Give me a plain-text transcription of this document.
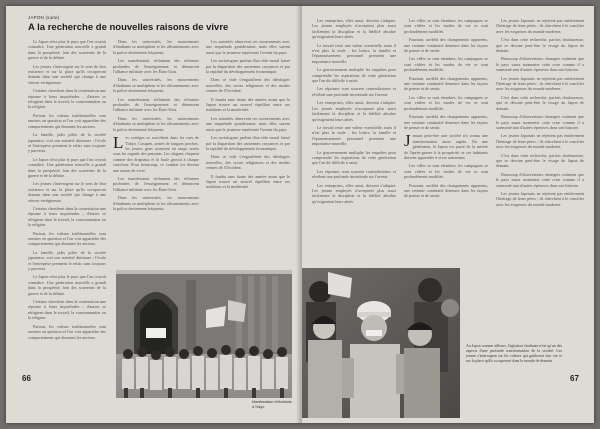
JAPON (suite)
A la recherche de nouvelles raisons de vivre

Le Japon n'est plus le pays que l'on croyait connaître. Une génération nouvelle a grandi dans la prospérité, loin des souvenirs de la guerre et de la défaite.

Les jeunes s'interrogent sur le sens de leur existence et sur la place qu'ils occuperont demain dans une société qui change à une vitesse vertigineuse.

Certains cherchent dans la contestation une réponse à leurs inquiétudes ; d'autres se réfugient dans le travail, la consommation ou la religion.

Partout, les valeurs traditionnelles sont remises en question et l'on voit apparaître des comportements qui étonnent les anciens.

La famille, jadis pilier de la société japonaise, voit son autorité diminuer ; l'école et l'entreprise prennent le relais sans toujours y parvenir.

Le Japon n'est plus le pays que l'on croyait connaître. Une génération nouvelle a grandi dans la prospérité, loin des souvenirs de la guerre et de la défaite.

Les jeunes s'interrogent sur le sens de leur existence et sur la place qu'ils occuperont demain dans une société qui change à une vitesse vertigineuse.

Certains cherchent dans la contestation une réponse à leurs inquiétudes ; d'autres se réfugient dans le travail, la consommation ou la religion.

Partout, les valeurs traditionnelles sont remises en question et l'on voit apparaître des comportements qui étonnent les anciens.

La famille, jadis pilier de la société japonaise, voit son autorité diminuer ; l'école et l'entreprise prennent le relais sans toujours y parvenir.

Le Japon n'est plus le pays que l'on croyait connaître. Une génération nouvelle a grandi dans la prospérité, loin des souvenirs de la guerre et de la défaite.

Certains cherchent dans la contestation une réponse à leurs inquiétudes ; d'autres se réfugient dans le travail, la consommation ou la religion.

Partout, les valeurs traditionnelles sont remises en question et l'on voit apparaître des comportements qui étonnent les anciens.

Dans les universités, les mouvements d'étudiants se multiplient et les affrontements avec la police deviennent fréquents.

Les manifestants réclament des réformes profondes de l'enseignement et dénoncent l'alliance militaire avec les États-Unis.

Dans les universités, les mouvements d'étudiants se multiplient et les affrontements avec la police deviennent fréquents.

Les manifestants réclament des réformes profondes de l'enseignement et dénoncent l'alliance militaire avec les États-Unis.

Dans les universités, les mouvements d'étudiants se multiplient et les affrontements avec la police deviennent fréquents.

Les cortèges se succèdent dans les rues de Tokyo. Casqués, armés de longues perches, les jeunes gens avancent en rangs serrés sous les regards des passants. Les slogans claquent comme des drapeaux et la foule grossit à chaque carrefour. Pour beaucoup, ce combat est devenu une raison de vivre.

Les manifestants réclament des réformes profondes de l'enseignement et dénoncent l'alliance militaire avec les États-Unis.

Dans les universités, les mouvements d'étudiants se multiplient et les affrontements avec la police deviennent fréquents.

Les autorités observent ces mouvements avec une inquiétude grandissante, mais elles savent aussi que la jeunesse représente l'avenir du pays.

Les sociologues parlent d'un vide moral laissé par la disparition des anciennes croyances et par la rapidité du développement économique.

Dans ce vide s'engouffrent des idéologies nouvelles, des sectes religieuses et des modes venues de l'Occident.

Il faudra sans doute des années avant que le Japon trouve un nouvel équilibre entre ses traditions et la modernité.

Les autorités observent ces mouvements avec une inquiétude grandissante, mais elles savent aussi que la jeunesse représente l'avenir du pays.

Les sociologues parlent d'un vide moral laissé par la disparition des anciennes croyances et par la rapidité du développement économique.

Dans ce vide s'engouffrent des idéologies nouvelles, des sectes religieuses et des modes venues de l'Occident.

Il faudra sans doute des années avant que le Japon trouve un nouvel équilibre entre ses traditions et la modernité.

Manifestation d'étudiants à Tokyo
66

Les entreprises, elles aussi, doivent s'adapter. Les jeunes employés n'acceptent plus aussi facilement la discipline et la fidélité absolue qu'exigeaient leurs aînés.

Le travail reste une valeur essentielle, mais il n'est plus la seule ; les loisirs, la famille et l'épanouissement personnel prennent une importance nouvelle.

Le gouvernement multiplie les enquêtes pour comprendre les aspirations de cette génération que l'on dit difficile à saisir.

Les réponses sont souvent contradictoires et révèlent une profonde incertitude sur l'avenir.

Les entreprises, elles aussi, doivent s'adapter. Les jeunes employés n'acceptent plus aussi facilement la discipline et la fidélité absolue qu'exigeaient leurs aînés.

Le travail reste une valeur essentielle, mais il n'est plus la seule ; les loisirs, la famille et l'épanouissement personnel prennent une importance nouvelle.

Le gouvernement multiplie les enquêtes pour comprendre les aspirations de cette génération que l'on dit difficile à saisir.

Les réponses sont souvent contradictoires et révèlent une profonde incertitude sur l'avenir.

Les entreprises, elles aussi, doivent s'adapter. Les jeunes employés n'acceptent plus aussi facilement la discipline et la fidélité absolue qu'exigeaient leurs aînés.

Les villes se sont étendues, les campagnes se sont vidées et les modes de vie se sont profondément modifiés.

Pourtant, au-delà des changements apparents, une certaine continuité demeure dans les façons de penser et de sentir.

Les villes se sont étendues, les campagnes se sont vidées et les modes de vie se sont profondément modifiés.

Pourtant, au-delà des changements apparents, une certaine continuité demeure dans les façons de penser et de sentir.

Les villes se sont étendues, les campagnes se sont vidées et les modes de vie se sont profondément modifiés.

Pourtant, au-delà des changements apparents, une certaine continuité demeure dans les façons de penser et de sentir.

Jamais peut-être une société n'a connu une transformation aussi rapide. En une génération, le Japon est passé de la misère de l'après-guerre à la prospérité, et ses habitants doivent apprendre à vivre autrement.

Les villes se sont étendues, les campagnes se sont vidées et les modes de vie se sont profondément modifiés.

Pourtant, au-delà des changements apparents, une certaine continuité demeure dans les façons de penser et de sentir.

Les jeunes Japonais ne rejettent pas entièrement l'héritage de leurs pères ; ils cherchent à le concilier avec les exigences du monde moderne.

C'est dans cette recherche, parfois douloureuse, que se dessine peut-être le visage du Japon de demain.

Beaucoup d'observateurs étrangers estiment que le pays saura surmonter cette crise comme il a surmonté tant d'autres épreuves dans son histoire.

Les jeunes Japonais ne rejettent pas entièrement l'héritage de leurs pères ; ils cherchent à le concilier avec les exigences du monde moderne.

C'est dans cette recherche, parfois douloureuse, que se dessine peut-être le visage du Japon de demain.

Beaucoup d'observateurs étrangers estiment que le pays saura surmonter cette crise comme il a surmonté tant d'autres épreuves dans son histoire.

Les jeunes Japonais ne rejettent pas entièrement l'héritage de leurs pères ; ils cherchent à le concilier avec les exigences du monde moderne.

C'est dans cette recherche, parfois douloureuse, que se dessine peut-être le visage du Japon de demain.

Beaucoup d'observateurs étrangers estiment que le pays saura surmonter cette crise comme il a surmonté tant d'autres épreuves dans son histoire.

Les jeunes Japonais ne rejettent pas entièrement l'héritage de leurs pères ; ils cherchent à le concilier avec les exigences du monde moderne.

Au Japon comme ailleurs, l'agitation étudiante n'est qu'un des aspects d'une profonde transformation de la société. Les jeunes s'interrogent sur les valeurs qui guideront leur vie et sur la place qu'ils occuperont dans le monde de demain.
67
